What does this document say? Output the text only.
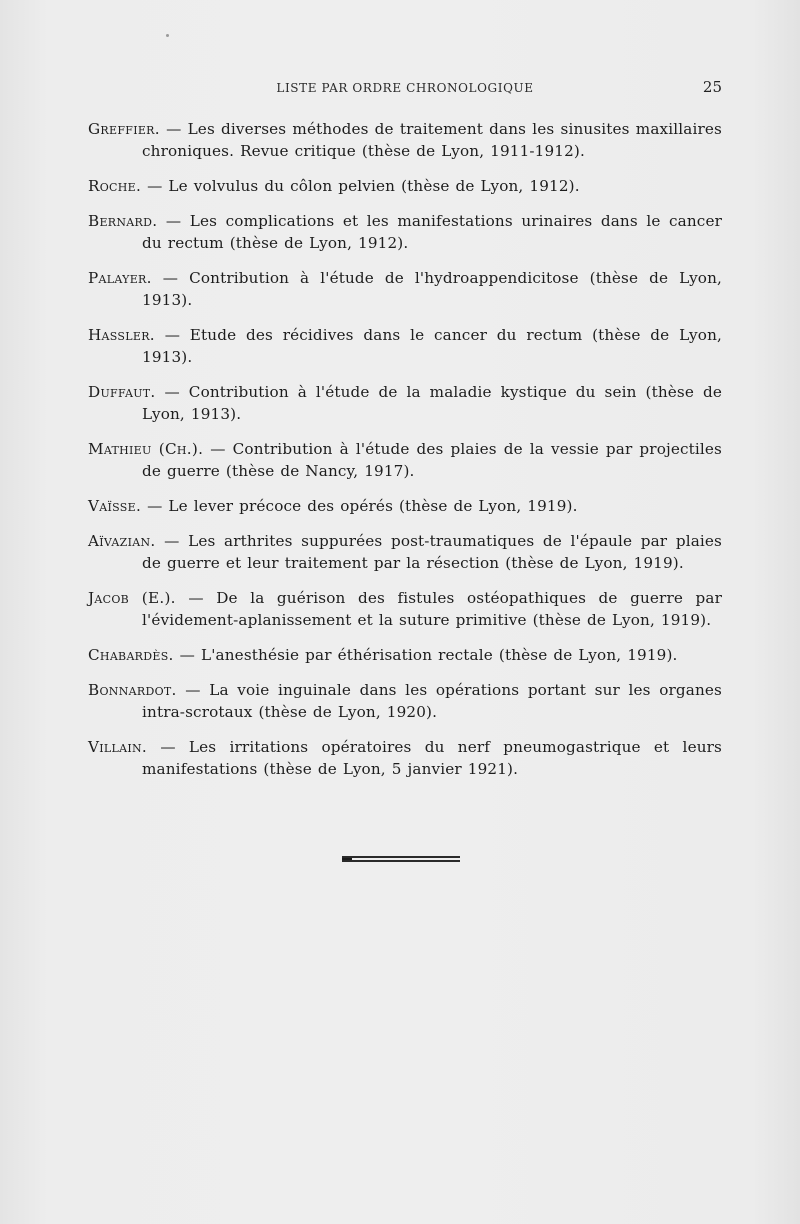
LISTE PAR ORDRE CHRONOLOGIQUE	25

Greffier. — Les diverses méthodes de traitement dans les sinusites maxillaires chroniques. Revue critique (thèse de Lyon, 1911-1912).

Roche. — Le volvulus du côlon pelvien (thèse de Lyon, 1912).

Bernard. — Les complications et les manifestations urinaires dans le cancer du rectum (thèse de Lyon, 1912).

Palayer. — Contribution à l'étude de l'hydroappendicitose (thèse de Lyon, 1913).

Hassler. — Etude des récidives dans le cancer du rectum (thèse de Lyon, 1913).

Duffaut. — Contribution à l'étude de la maladie kystique du sein (thèse de Lyon, 1913).

Mathieu (Ch.). — Contribution à l'étude des plaies de la vessie par projectiles de guerre (thèse de Nancy, 1917).

Vaïsse. — Le lever précoce des opérés (thèse de Lyon, 1919).

Aïvazian. — Les arthrites suppurées post-traumatiques de l'épaule par plaies de guerre et leur traitement par la résection (thèse de Lyon, 1919).

Jacob (E.). — De la guérison des fistules ostéopathiques de guerre par l'évidement-aplanissement et la suture primitive (thèse de Lyon, 1919).

Chabardès. — L'anesthésie par éthérisation rectale (thèse de Lyon, 1919).

Bonnardot. — La voie inguinale dans les opérations portant sur les organes intra-scrotaux (thèse de Lyon, 1920).

Villain. — Les irritations opératoires du nerf pneumogastrique et leurs manifestations (thèse de Lyon, 5 janvier 1921).
